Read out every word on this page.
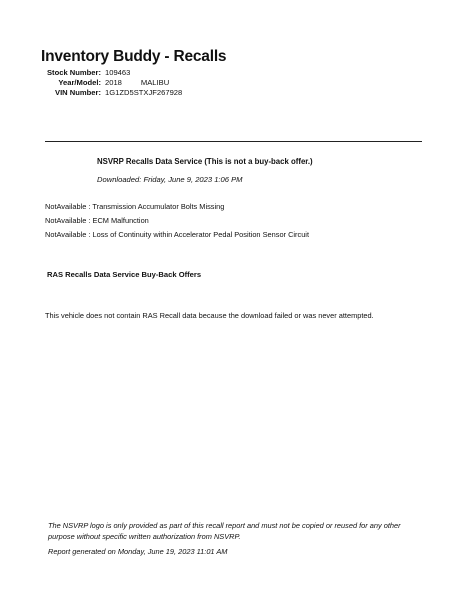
Inventory Buddy - Recalls
Stock Number: 109463
Year/Model: 2018	MALIBU
VIN Number: 1G1ZD5STXJF267928
NSVRP Recalls Data Service (This is not a buy-back offer.)
Downloaded: Friday, June 9, 2023 1:06 PM
NotAvailable : Transmission Accumulator Bolts Missing
NotAvailable : ECM Malfunction
NotAvailable : Loss of Continuity within Accelerator Pedal Position Sensor Circuit
RAS Recalls Data Service Buy-Back Offers
This vehicle does not contain RAS Recall data because the download failed or was never attempted.
The NSVRP logo is only provided as part of this recall report and must not be copied or reused for any other purpose without specific written authorization from NSVRP.
Report generated on Monday, June 19, 2023 11:01 AM
